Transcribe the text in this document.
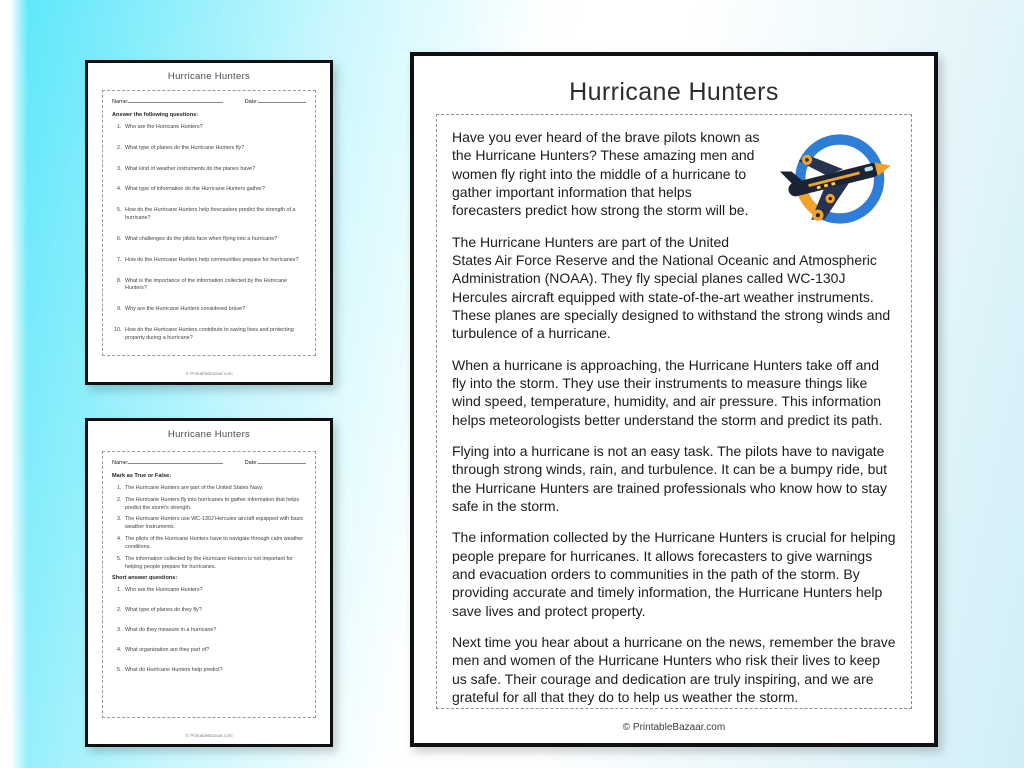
Hurricane Hunters
Name:	Date:
Answer the following questions:
1. Who are the Hurricane Hunters?
2. What type of planes do the Hurricane Hunters fly?
3. What kind of weather instruments do the planes have?
4. What type of information do the Hurricane Hunters gather?
5. How do the Hurricane Hunters help forecasters predict the strength of a hurricane?
6. What challenges do the pilots face when flying into a hurricane?
7. How do the Hurricane Hunters help communities prepare for hurricanes?
8. What is the importance of the information collected by the Hurricane Hunters?
9. Why are the Hurricane Hunters considered brave?
10. How do the Hurricane Hunters contribute to saving lives and protecting property during a hurricane?
© PrintableBazaar.com
Hurricane Hunters
Name:	Date:
Mark as True or False:
1. The Hurricane Hunters are part of the United States Navy.
2. The Hurricane Hunters fly into hurricanes to gather information that helps predict the storm's strength.
3. The Hurricane Hunters use WC-130J Hercules aircraft equipped with basic weather instruments.
4. The pilots of the Hurricane Hunters have to navigate through calm weather conditions.
5. The information collected by the Hurricane Hunters is not important for helping people prepare for hurricanes.
Short answer questions:
1. Who are the Hurricane Hunters?
2. What type of planes do they fly?
3. What do they measure in a hurricane?
4. What organization are they part of?
5. What do Hurricane Hunters help predict?
© PrintableBazaar.com
Hurricane Hunters

Have you ever heard of the brave pilots known as the Hurricane Hunters? These amazing men and women fly right into the middle of a hurricane to gather important information that helps forecasters predict how strong the storm will be.

The Hurricane Hunters are part of the United States Air Force Reserve and the National Oceanic and Atmospheric Administration (NOAA). They fly special planes called WC-130J Hercules aircraft equipped with state-of-the-art weather instruments. These planes are specially designed to withstand the strong winds and turbulence of a hurricane.

When a hurricane is approaching, the Hurricane Hunters take off and fly into the storm. They use their instruments to measure things like wind speed, temperature, humidity, and air pressure. This information helps meteorologists better understand the storm and predict its path.

Flying into a hurricane is not an easy task. The pilots have to navigate through strong winds, rain, and turbulence. It can be a bumpy ride, but the Hurricane Hunters are trained professionals who know how to stay safe in the storm.

The information collected by the Hurricane Hunters is crucial for helping people prepare for hurricanes. It allows forecasters to give warnings and evacuation orders to communities in the path of the storm. By providing accurate and timely information, the Hurricane Hunters help save lives and protect property.

Next time you hear about a hurricane on the news, remember the brave men and women of the Hurricane Hunters who risk their lives to keep us safe. Their courage and dedication are truly inspiring, and we are grateful for all that they do to help us weather the storm.

© PrintableBazaar.com
